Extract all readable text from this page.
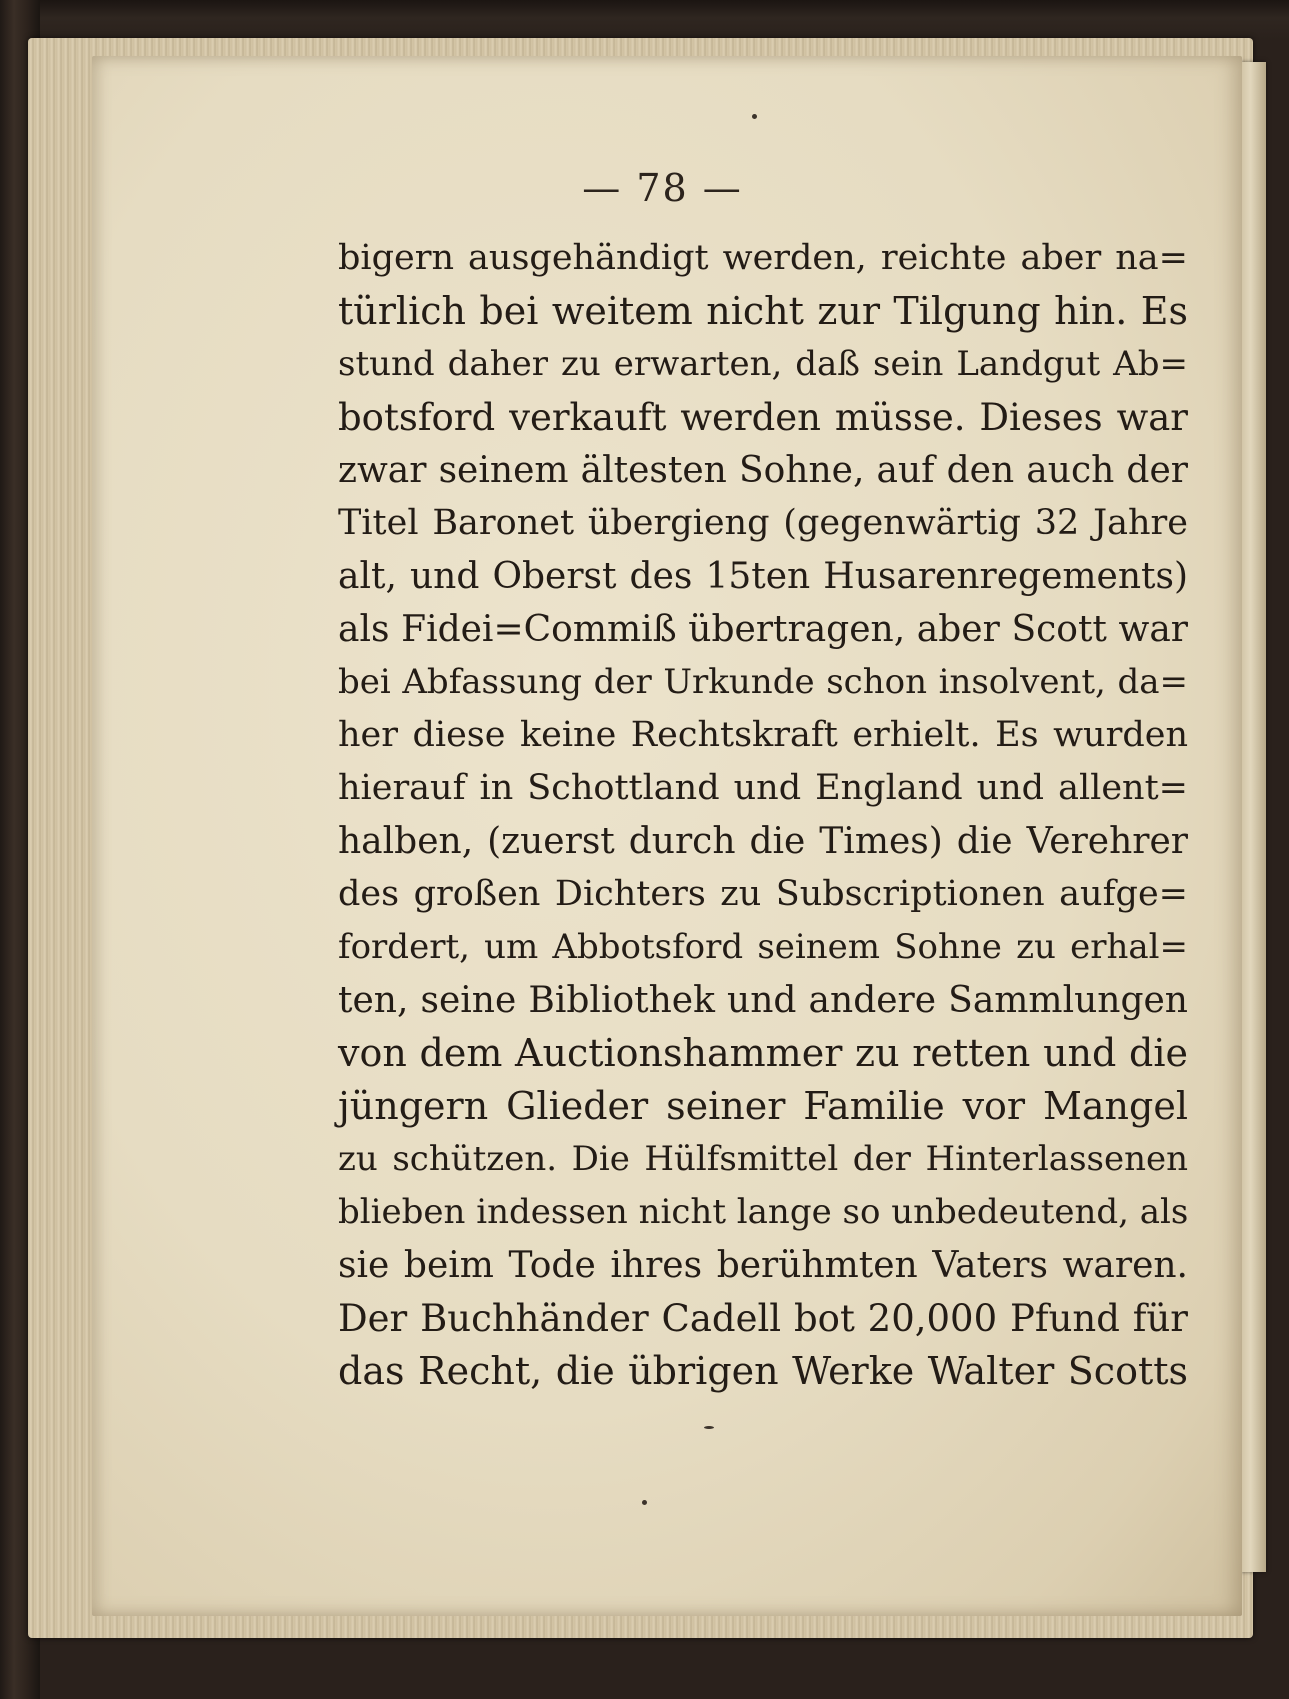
— 78 —
bigern ausgehändigt werden, reichte aber na=
türlich bei weitem nicht zur Tilgung hin. Es
stund daher zu erwarten, daß sein Landgut Ab=
botsford verkauft werden müsse. Dieses war
zwar seinem ältesten Sohne, auf den auch der
Titel Baronet übergieng (gegenwärtig 32 Jahre
alt, und Oberst des 15ten Husarenregements)
als Fidei=Commiß übertragen, aber Scott war
bei Abfassung der Urkunde schon insolvent, da=
her diese keine Rechtskraft erhielt. Es wurden
hierauf in Schottland und England und allent=
halben, (zuerst durch die Times) die Verehrer
des großen Dichters zu Subscriptionen aufge=
fordert, um Abbotsford seinem Sohne zu erhal=
ten, seine Bibliothek und andere Sammlungen
von dem Auctionshammer zu retten und die
jüngern Glieder seiner Familie vor Mangel
zu schützen. Die Hülfsmittel der Hinterlassenen
blieben indessen nicht lange so unbedeutend, als
sie beim Tode ihres berühmten Vaters waren.
Der Buchhänder Cadell bot 20,000 Pfund für
das Recht, die übrigen Werke Walter Scotts
